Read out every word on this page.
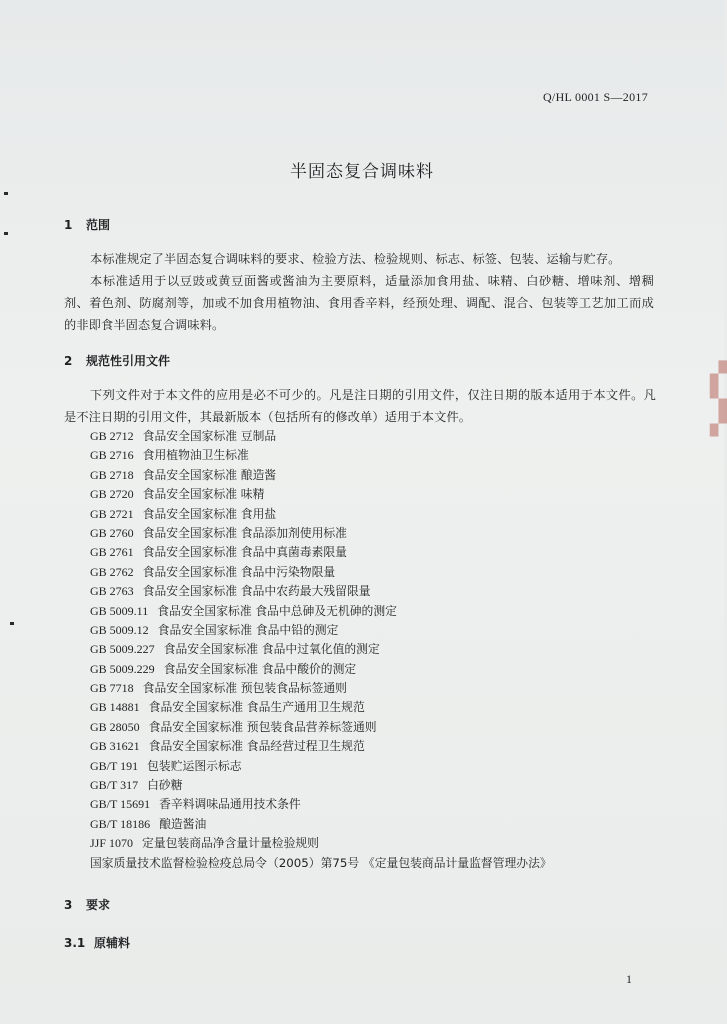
▞
▚
▞
Q/HL 0001 S—2017
半固态复合调味料
1 范围

本标准规定了半固态复合调味料的要求、检验方法、检验规则、标志、标签、包装、运输与贮存。

本标准适用于以豆豉或黄豆面酱或酱油为主要原料，适量添加食用盐、味精、白砂糖、增味剂、增稠剂、着色剂、防腐剂等，加或不加食用植物油、食用香辛料，经预处理、调配、混合、包装等工艺加工而成的非即食半固态复合调味料。

2 规范性引用文件

下列文件对于本文件的应用是必不可少的。凡是注日期的引用文件，仅注日期的版本适用于本文件。凡是不注日期的引用文件，其最新版本（包括所有的修改单）适用于本文件。

GB 2712 食品安全国家标准 豆制品
GB 2716 食用植物油卫生标准
GB 2718 食品安全国家标准 酿造酱
GB 2720 食品安全国家标准 味精
GB 2721 食品安全国家标准 食用盐
GB 2760 食品安全国家标准 食品添加剂使用标准
GB 2761 食品安全国家标准 食品中真菌毒素限量
GB 2762 食品安全国家标准 食品中污染物限量
GB 2763 食品安全国家标准 食品中农药最大残留限量
GB 5009.11 食品安全国家标准 食品中总砷及无机砷的测定
GB 5009.12 食品安全国家标准 食品中铅的测定
GB 5009.227 食品安全国家标准 食品中过氧化值的测定
GB 5009.229 食品安全国家标准 食品中酸价的测定
GB 7718 食品安全国家标准 预包装食品标签通则
GB 14881 食品安全国家标准 食品生产通用卫生规范
GB 28050 食品安全国家标准 预包装食品营养标签通则
GB 31621 食品安全国家标准 食品经营过程卫生规范
GB/T 191 包装贮运图示标志
GB/T 317 白砂糖
GB/T 15691 香辛料调味品通用技术条件
GB/T 18186 酿造酱油
JJF 1070 定量包装商品净含量计量检验规则
国家质量技术监督检验检疫总局令（2005）第75号 《定量包装商品计量监督管理办法》
3 要求
3.1 原辅料
1
